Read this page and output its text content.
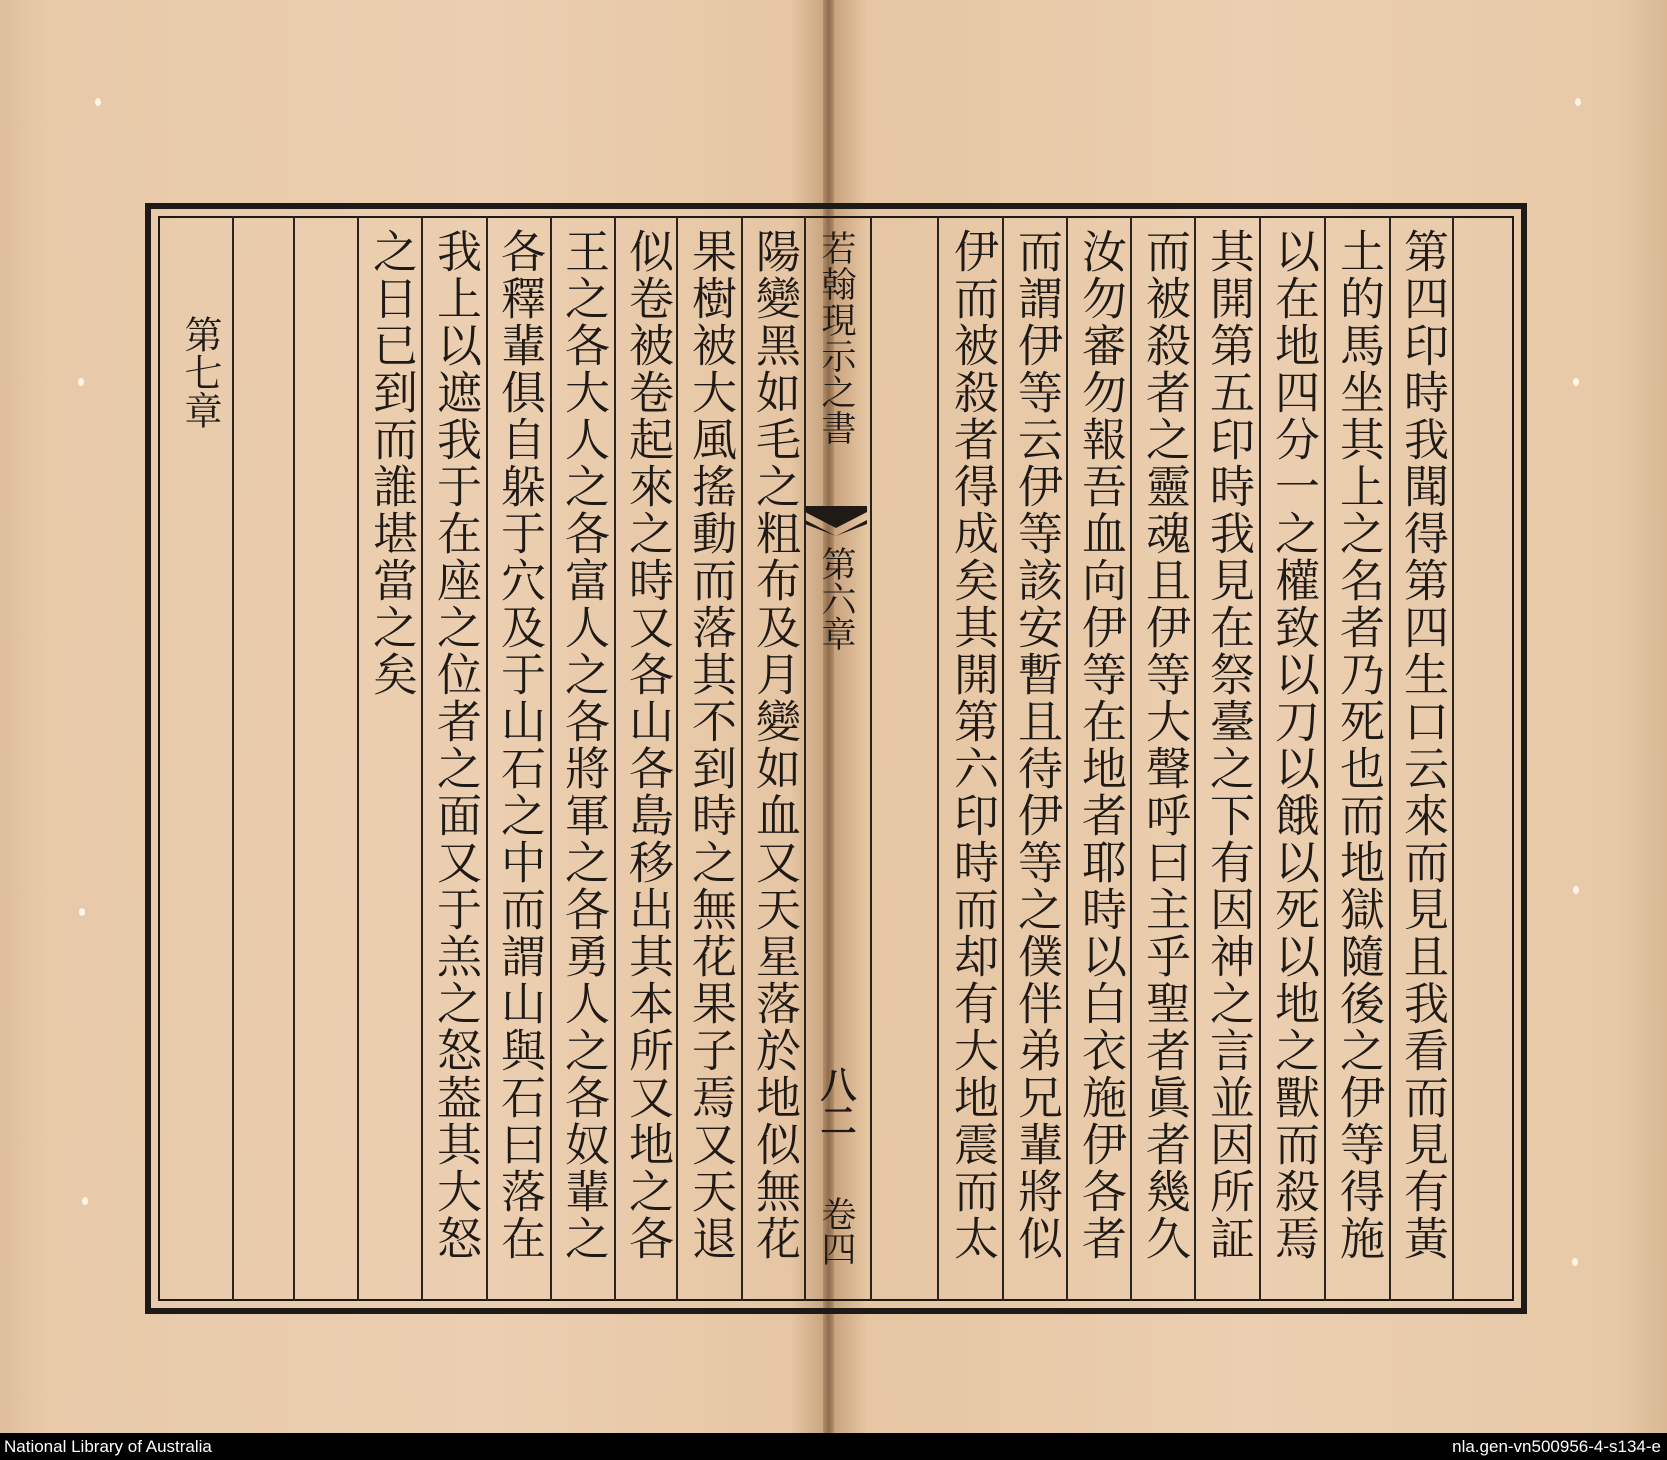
第四印時我聞得第四生口云來而見且我看而見有黃
土的馬坐其上之名者乃死也而地獄隨後之伊等得施
以在地四分一之權致以刀以餓以死以地之獸而殺焉
其開第五印時我見在祭臺之下有因神之言並因所証
而被殺者之靈魂且伊等大聲呼曰主乎聖者眞者幾久
汝勿審勿報吾血向伊等在地者耶時以白衣施伊各者
而謂伊等云伊等該安暫且待伊等之僕伴弟兄輩將似
伊而被殺者得成矣其開第六印時而却有大地震而太
若翰現示之書
第六章
八二
卷四
陽變黑如毛之粗布及月變如血又天星落於地似無花
果樹被大風搖動而落其不到時之無花果子焉又天退
似卷被卷起來之時又各山各島移出其本所又地之各
王之各大人之各富人之各將軍之各勇人之各奴輩之
各釋輩俱自躲于穴及于山石之中而謂山與石曰落在
我上以遮我于在座之位者之面又于羔之怒葢其大怒
之日已到而誰堪當之矣
第七章
National Library of Australia	nla.gen-vn500956-4-s134-e
